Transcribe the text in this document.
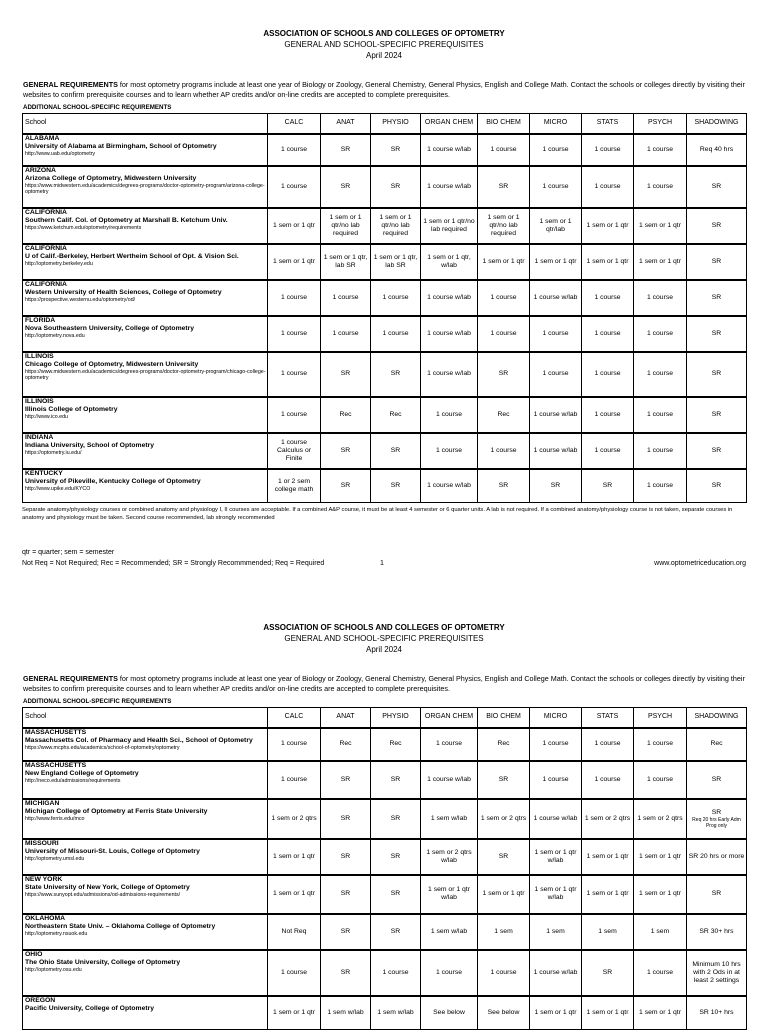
ASSOCIATION OF SCHOOLS AND COLLEGES OF OPTOMETRY
GENERAL AND SCHOOL-SPECIFIC PREREQUISITES
April 2024
GENERAL REQUIREMENTS for most optometry programs include at least one year of Biology or Zoology, General Chemistry, General Physics, English and College Math. Contact the schools or colleges directly by visiting their websites to confirm prerequisite courses and to learn whether AP credits and/or on-line credits are accepted to complete prerequisites.
ADDITIONAL SCHOOL-SPECIFIC REQUIREMENTS
School	CALC	ANAT	PHYSIO	ORGAN CHEM	BIO CHEM	MICRO	STATS	PSYCH	SHADOWING

ALABAMA
University of Alabama at Birmingham, School of Optometry
http://www.uab.edu/optometry	1 course	SR	SR	1 course w/lab	1 course	1 course	1 course	1 course	Req 40 hrs

ARIZONA
Arizona College of Optometry, Midwestern University
https://www.midwestern.edu/academics/degrees-programs/doctor-optometry-program/arizona-college-optometry	1 course	SR	SR	1 course w/lab	SR	1 course	1 course	1 course	SR

CALIFORNIA
Southern Calif. Col. of Optometry at Marshall B. Ketchum Univ.
https://www.ketchum.edu/optometry/requirements	1 sem or 1 qtr	1 sem or 1 qtr/no lab required	1 sem or 1 qtr/no lab required	1 sem or 1 qtr/no lab required	1 sem or 1 qtr/no lab required	1 sem or 1 qtr/lab	1 sem or 1 qtr	1 sem or 1 qtr	SR

CALIFORNIA
U of Calif.-Berkeley, Herbert Wertheim School of Opt. & Vision Sci.
http://optometry.berkeley.edu	1 sem or 1 qtr	1 sem or 1 qtr, lab SR	1 sem or 1 qtr, lab SR	1 sem or 1 qtr, w/lab	1 sem or 1 qtr	1 sem or 1 qtr	1 sem or 1 qtr	1 sem or 1 qtr	SR

CALIFORNIA
Western University of Health Sciences, College of Optometry
https://prospective.westernu.edu/optometry/od/	1 course	1 course	1 course	1 course w/lab	1 course	1 course w/lab	1 course	1 course	SR

FLORIDA
Nova Southeastern University, College of Optometry
http://optometry.nova.edu	1 course	1 course	1 course	1 course w/lab	1 course	1 course	1 course	1 course	SR

ILLINOIS
Chicago College of Optometry, Midwestern University
https://www.midwestern.edu/academics/degrees-programs/doctor-optometry-program/chicago-college-optometry	1 course	SR	SR	1 course w/lab	SR	1 course	1 course	1 course	SR

ILLINOIS
Illinois College of Optometry
http://www.ico.edu	1 course	Rec	Rec	1 course	Rec	1 course w/lab	1 course	1 course	SR

INDIANA
Indiana University, School of Optometry
https://optometry.iu.edu/	1 course Calculus or Finite	SR	SR	1 course	1 course	1 course w/lab	1 course	1 course	SR

KENTUCKY
University of Pikeville, Kentucky College of Optometry
http://www.upike.edu/KYCO	1 or 2 sem college math	SR	SR	1 course w/lab	SR	SR	SR	1 course	SR
Separate anatomy/physiology courses or combined anatomy and physiology I, II courses are acceptable. If a combined A&P course, it must be at least 4 semester or 6 quarter units. A lab is not required. If a combined anatomy/physiology course is not taken, separate courses in anatomy and physiology must be taken. Second course recommended, lab strongly recommended
qtr = quarter; sem = semester
Not Req = Not Required; Rec = Recommended; SR = Strongly Recommmended; Req = Required	1	www.optometriceducation.org
ASSOCIATION OF SCHOOLS AND COLLEGES OF OPTOMETRY
GENERAL AND SCHOOL-SPECIFIC PREREQUISITES
April 2024
GENERAL REQUIREMENTS for most optometry programs include at least one year of Biology or Zoology, General Chemistry, General Physics, English and College Math. Contact the schools or colleges directly by visiting their websites to confirm prerequisite courses and to learn whether AP credits and/or on-line credits are accepted to complete prerequisites.
ADDITIONAL SCHOOL-SPECIFIC REQUIREMENTS
School	CALC	ANAT	PHYSIO	ORGAN CHEM	BIO CHEM	MICRO	STATS	PSYCH	SHADOWING

MASSACHUSETTS
Massachusetts Col. of Pharmacy and Health Sci., School of Optometry
https://www.mcphs.edu/academics/school-of-optometry/optometry	1 course	Rec	Rec	1 course	Rec	1 course	1 course	1 course	Rec

MASSACHUSETTS
New England College of Optometry
http://neco.edu/admissions/requirements	1 course	SR	SR	1 course w/lab	SR	1 course	1 course	1 course	SR

MICHIGAN
Michigan College of Optometry at Ferris State University
http://www.ferris.edu/mco	1 sem or 2 qtrs	SR	SR	1 sem w/lab	1 sem or 2 qtrs	1 course w/lab	1 sem or 2 qtrs	1 sem or 2 qtrs	SR
Req 20 hrs Early Adm Prog only

MISSOURI
University of Missouri-St. Louis, College of Optometry
http://optometry.umsl.edu	1 sem or 1 qtr	SR	SR	1 sem or 2 qtrs w/lab	SR	1 sem or 1 qtr w/lab	1 sem or 1 qtr	1 sem or 1 qtr	SR 20 hrs or more

NEW YORK
State University of New York, College of Optometry
https://www.sunyopt.edu/admissions/od-admissions-requirements/	1 sem or 1 qtr	SR	SR	1 sem or 1 qtr w/lab	1 sem or 1 qtr	1 sem or 1 qtr w/lab	1 sem or 1 qtr	1 sem or 1 qtr	SR

OKLAHOMA
Northeastern State Univ. – Oklahoma College of Optometry
http://optometry.nsuok.edu	Not Req	SR	SR	1 sem w/lab	1 sem	1 sem	1 sem	1 sem	SR 30+ hrs

OHIO
The Ohio State University, College of Optometry
http://optometry.osu.edu	1 course	SR	1 course	1 course	1 course	1 course w/lab	SR	1 course	Minimum 10 hrs with 2 Ods in at least 2 settings

OREGON
Pacific University, College of Optometry	1 sem or 1 qtr	1 sem w/lab	1 sem w/lab	See below	See below	1 sem or 1 qtr	1 sem or 1 qtr	1 sem or 1 qtr	SR 10+ hrs
